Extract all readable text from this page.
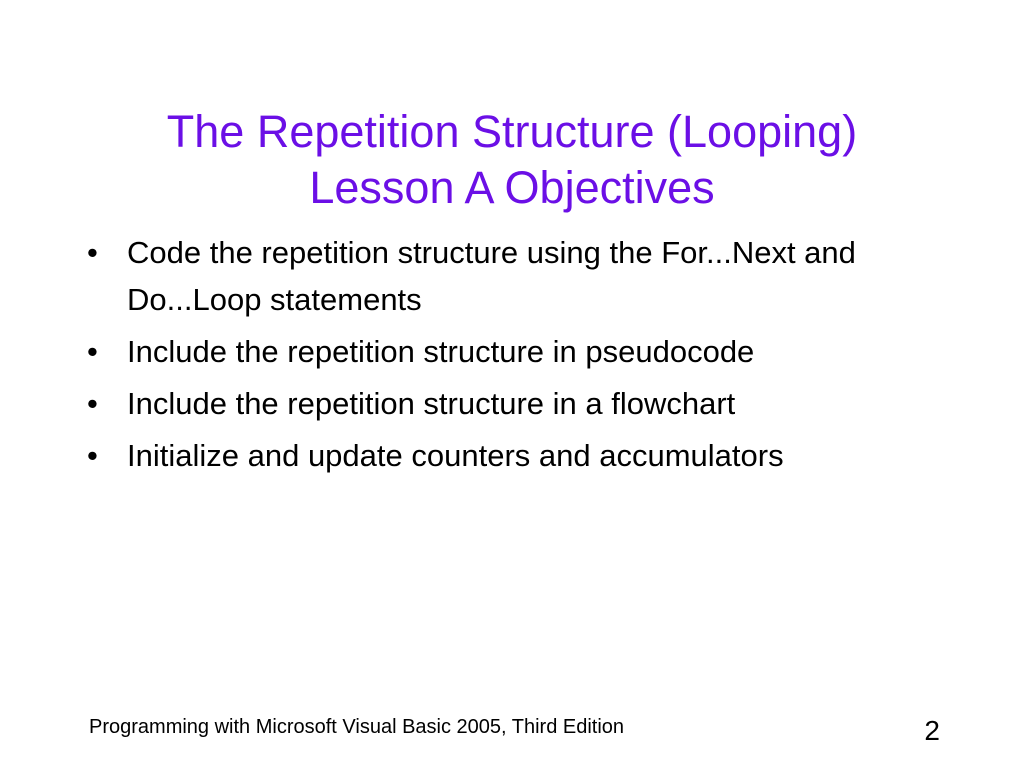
The Repetition Structure (Looping)
Lesson A Objectives
• Code the repetition structure using the For...Next and Do...Loop statements
• Include the repetition structure in pseudocode
• Include the repetition structure in a flowchart
• Initialize and update counters and accumulators
Programming with Microsoft Visual Basic 2005, Third Edition	2
